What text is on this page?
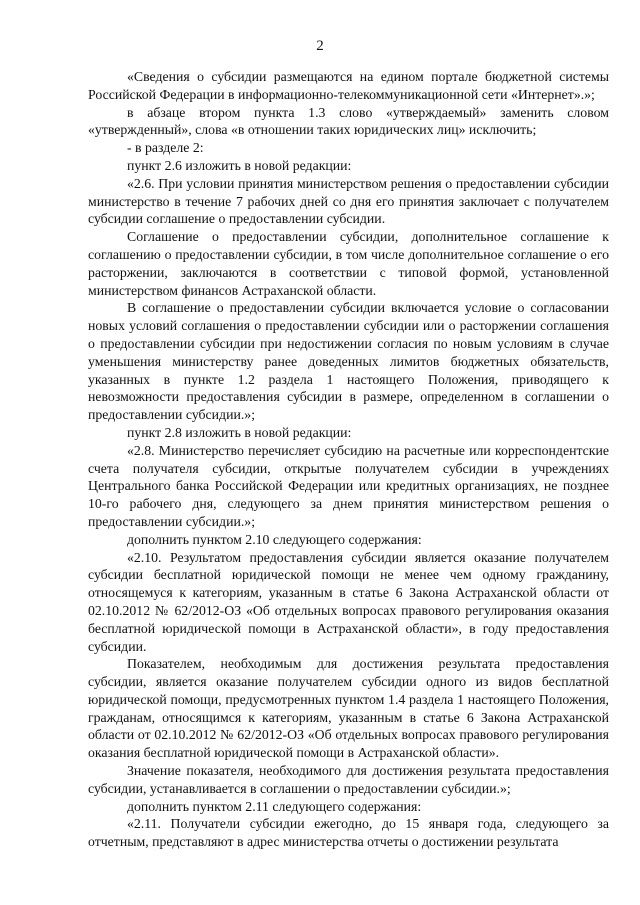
2

«Сведения о субсидии размещаются на едином портале бюджетной системы Российской Федерации в информационно-телекоммуникационной сети «Интернет».»;

в абзаце втором пункта 1.3 слово «утверждаемый» заменить словом «утвержденный», слова «в отношении таких юридических лиц» исключить;

- в разделе 2:

пункт 2.6 изложить в новой редакции:

«2.6. При условии принятия министерством решения о предоставлении субсидии министерство в течение 7 рабочих дней со дня его принятия заключает с получателем субсидии соглашение о предоставлении субсидии.

Соглашение о предоставлении субсидии, дополнительное соглашение к соглашению о предоставлении субсидии, в том числе дополнительное соглашение о его расторжении, заключаются в соответствии с типовой формой, установленной министерством финансов Астраханской области.

В соглашение о предоставлении субсидии включается условие о согласовании новых условий соглашения о предоставлении субсидии или о расторжении соглашения о предоставлении субсидии при недостижении согласия по новым условиям в случае уменьшения министерству ранее доведенных лимитов бюджетных обязательств, указанных в пункте 1.2 раздела 1 настоящего Положения, приводящего к невозможности предоставления субсидии в размере, определенном в соглашении о предоставлении субсидии.»;

пункт 2.8 изложить в новой редакции:

«2.8. Министерство перечисляет субсидию на расчетные или корреспондентские счета получателя субсидии, открытые получателем субсидии в учреждениях Центрального банка Российской Федерации или кредитных организациях, не позднее 10-го рабочего дня, следующего за днем принятия министерством решения о предоставлении субсидии.»;

дополнить пунктом 2.10 следующего содержания:

«2.10. Результатом предоставления субсидии является оказание получателем субсидии бесплатной юридической помощи не менее чем одному гражданину, относящемуся к категориям, указанным в статье 6 Закона Астраханской области от 02.10.2012 № 62/2012-ОЗ «Об отдельных вопросах правового регулирования оказания бесплатной юридической помощи в Астраханской области», в году предоставления субсидии.

Показателем, необходимым для достижения результата предоставления субсидии, является оказание получателем субсидии одного из видов бесплатной юридической помощи, предусмотренных пунктом 1.4 раздела 1 настоящего Положения, гражданам, относящимся к категориям, указанным в статье 6 Закона Астраханской области от 02.10.2012 № 62/2012-ОЗ «Об отдельных вопросах правового регулирования оказания бесплатной юридической помощи в Астраханской области».

Значение показателя, необходимого для достижения результата предоставления субсидии, устанавливается в соглашении о предоставлении субсидии.»;

дополнить пунктом 2.11 следующего содержания:

«2.11. Получатели субсидии ежегодно, до 15 января года, следующего за отчетным, представляют в адрес министерства отчеты о достижении результата
